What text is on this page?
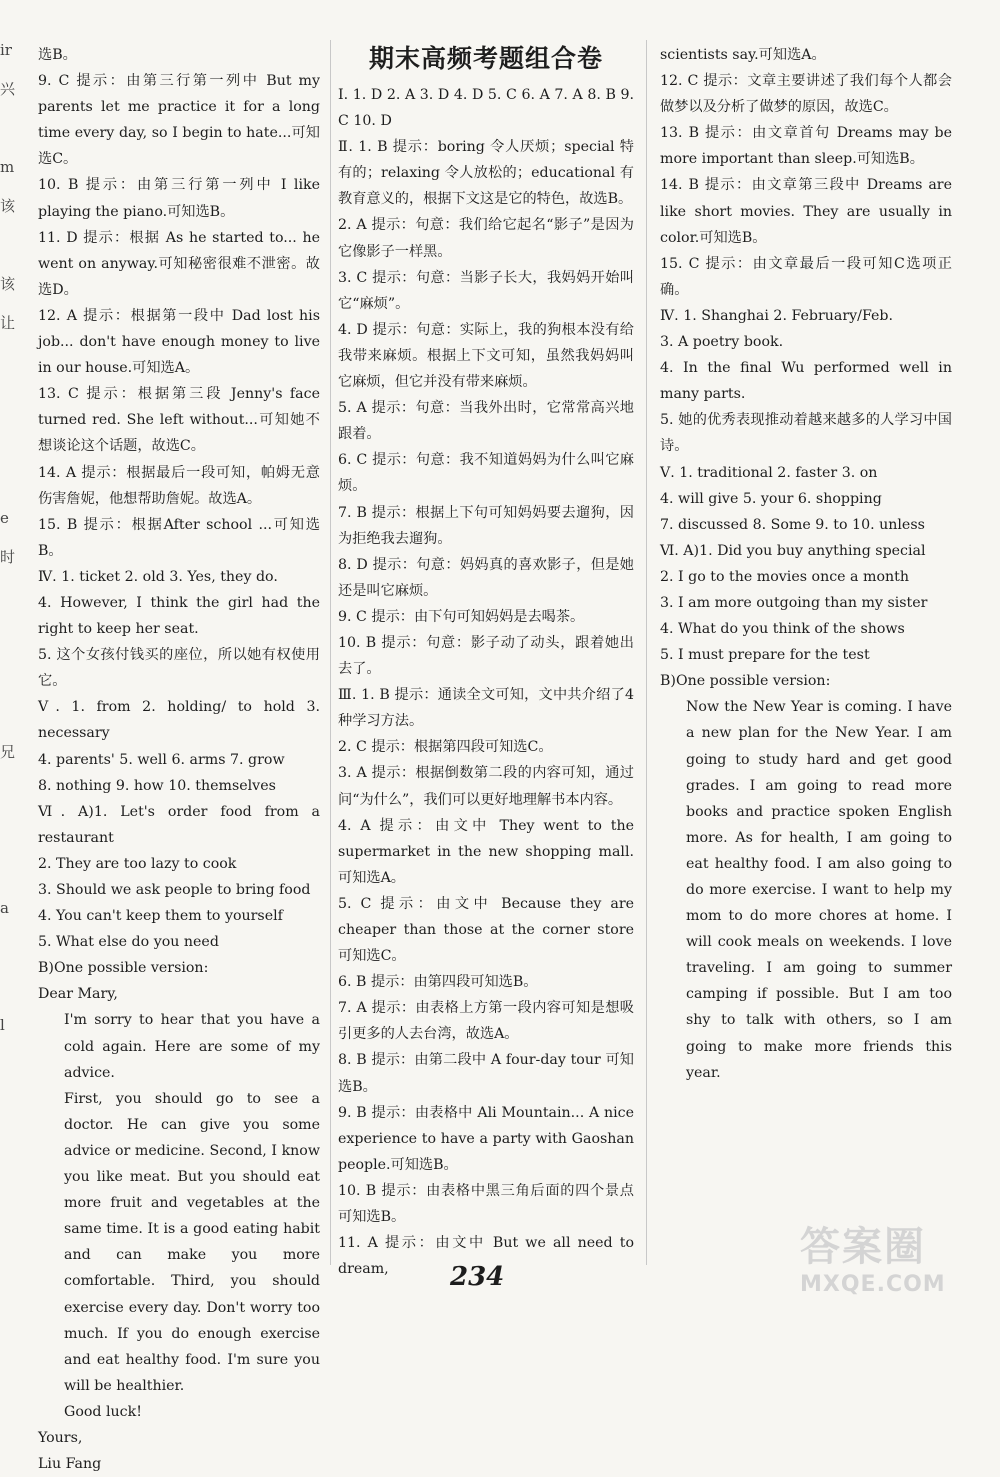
ir
兴
m
该
该
让
e
时
兄
a
l

选B。

9. C 提示：由第三行第一列中 But my parents let me practice it for a long time every day, so I begin to hate...可知选C。

10. B 提示：由第三行第一列中 I like playing the piano.可知选B。

11. D 提示：根据 As he started to... he went on anyway.可知秘密很难不泄密。故选D。

12. A 提示：根据第一段中 Dad lost his job... don't have enough money to live in our house.可知选A。

13. C 提示：根据第三段 Jenny's face turned red. She left without...可知她不想谈论这个话题，故选C。

14. A 提示：根据最后一段可知，帕姆无意伤害詹妮，他想帮助詹妮。故选A。

15. B 提示：根据After school ...可知选B。

Ⅳ. 1. ticket 2. old 3. Yes, they do.

4. However, I think the girl had the right to keep her seat.

5. 这个女孩付钱买的座位，所以她有权使用它。

Ⅴ. 1. from 2. holding/ to hold 3. necessary

4. parents' 5. well 6. arms 7. grow

8. nothing 9. how 10. themselves

Ⅵ. A)1. Let's order food from a restaurant

2. They are too lazy to cook

3. Should we ask people to bring food

4. You can't keep them to yourself

5. What else do you need

B)One possible version:

Dear Mary,

I'm sorry to hear that you have a cold again. Here are some of my advice.

First, you should go to see a doctor. He can give you some advice or medicine. Second, I know you like meat. But you should eat more fruit and vegetables at the same time. It is a good eating habit and can make you more comfortable. Third, you should exercise every day. Don't worry too much. If you do enough exercise and eat healthy food. I'm sure you will be healthier.

Good luck!

Yours,

Liu Fang

期末高频考题组合卷

Ⅰ. 1. D 2. A 3. D 4. D 5. C 6. A 7. A 8. B 9. C 10. D

Ⅱ. 1. B 提示：boring 令人厌烦；special 特有的；relaxing 令人放松的；educational 有教育意义的，根据下文这是它的特色，故选B。

2. A 提示：句意：我们给它起名“影子”是因为它像影子一样黑。

3. C 提示：句意：当影子长大，我妈妈开始叫它“麻烦”。

4. D 提示：句意：实际上，我的狗根本没有给我带来麻烦。根据上下文可知，虽然我妈妈叫它麻烦，但它并没有带来麻烦。

5. A 提示：句意：当我外出时，它常常高兴地跟着。

6. C 提示：句意：我不知道妈妈为什么叫它麻烦。

7. B 提示：根据上下句可知妈妈要去遛狗，因为拒绝我去遛狗。

8. D 提示：句意：妈妈真的喜欢影子，但是她还是叫它麻烦。

9. C 提示：由下句可知妈妈是去喝茶。

10. B 提示：句意：影子动了动头，跟着她出去了。

Ⅲ. 1. B 提示：通读全文可知，文中共介绍了4种学习方法。

2. C 提示：根据第四段可知选C。

3. A 提示：根据倒数第二段的内容可知，通过问“为什么”，我们可以更好地理解书本内容。

4. A 提示：由文中 They went to the supermarket in the new shopping mall.可知选A。

5. C 提示：由文中 Because they are cheaper than those at the corner store 可知选C。

6. B 提示：由第四段可知选B。

7. A 提示：由表格上方第一段内容可知是想吸引更多的人去台湾，故选A。

8. B 提示：由第二段中 A four-day tour 可知选B。

9. B 提示：由表格中 Ali Mountain... A nice experience to have a party with Gaoshan people.可知选B。

10. B 提示：由表格中黑三角后面的四个景点可知选B。

11. A 提示：由文中 But we all need to dream,

scientists say.可知选A。

12. C 提示：文章主要讲述了我们每个人都会做梦以及分析了做梦的原因，故选C。

13. B 提示：由文章首句 Dreams may be more important than sleep.可知选B。

14. B 提示：由文章第三段中 Dreams are like short movies. They are usually in color.可知选B。

15. C 提示：由文章最后一段可知C选项正确。

Ⅳ. 1. Shanghai 2. February/Feb.

3. A poetry book.

4. In the final Wu performed well in many parts.

5. 她的优秀表现推动着越来越多的人学习中国诗。

Ⅴ. 1. traditional 2. faster 3. on

4. will give 5. your 6. shopping

7. discussed 8. Some 9. to 10. unless

Ⅵ. A)1. Did you buy anything special

2. I go to the movies once a month

3. I am more outgoing than my sister

4. What do you think of the shows

5. I must prepare for the test

B)One possible version:

Now the New Year is coming. I have a new plan for the New Year. I am going to study hard and get good grades. I am going to read more books and practice spoken English more. As for health, I am going to eat healthy food. I am also going to do more exercise. I want to help my mom to do more chores at home. I will cook meals on weekends. I love traveling. I am going to summer camping if possible. But I am too shy to talk with others, so I am going to make more friends this year.

234
答案圈
MXQE.COM
